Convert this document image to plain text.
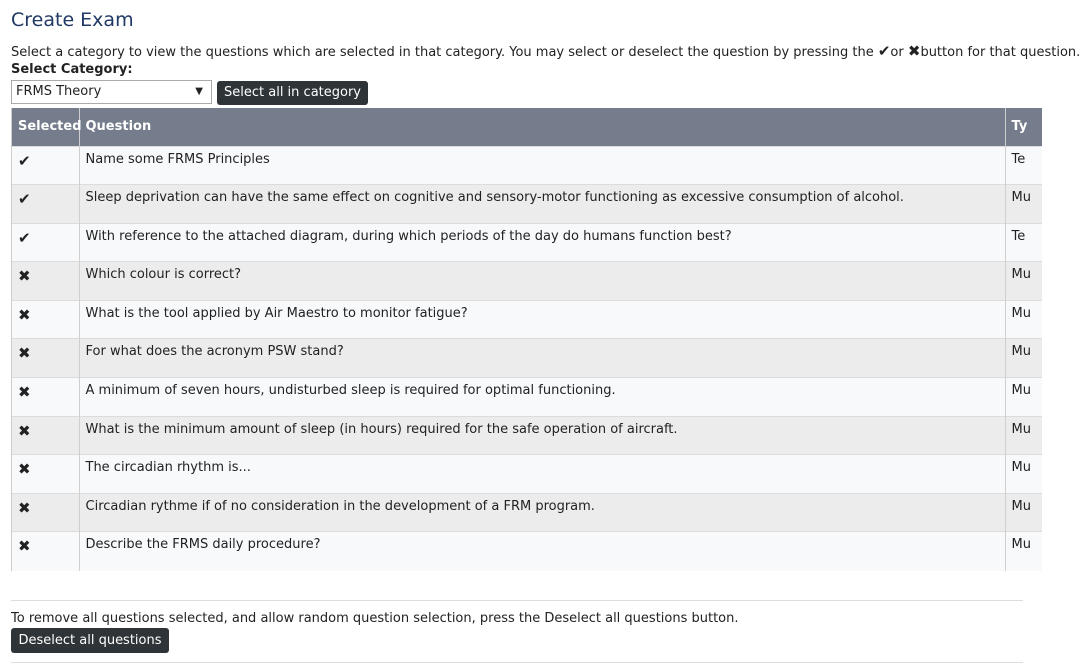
Create Exam
Select a category to view the questions which are selected in that category. You may select or deselect the question by pressing the ✔or ✖button for that question.
Select Category:
FRMS Theory	▼	Select all in category
Selected	Question	Ty
✔	Name some FRMS Principles	Te
✔	Sleep deprivation can have the same effect on cognitive and sensory-motor functioning as excessive consumption of alcohol.	Mu
✔	With reference to the attached diagram, during which periods of the day do humans function best?	Te
✖	Which colour is correct?	Mu
✖	What is the tool applied by Air Maestro to monitor fatigue?	Mu
✖	For what does the acronym PSW stand?	Mu
✖	A minimum of seven hours, undisturbed sleep is required for optimal functioning.	Mu
✖	What is the minimum amount of sleep (in hours) required for the safe operation of aircraft.	Mu
✖	The circadian rhythm is...	Mu
✖	Circadian rythme if of no consideration in the development of a FRM program.	Mu
✖	Describe the FRMS daily procedure?	Mu
To remove all questions selected, and allow random question selection, press the Deselect all questions button.
Deselect all questions
